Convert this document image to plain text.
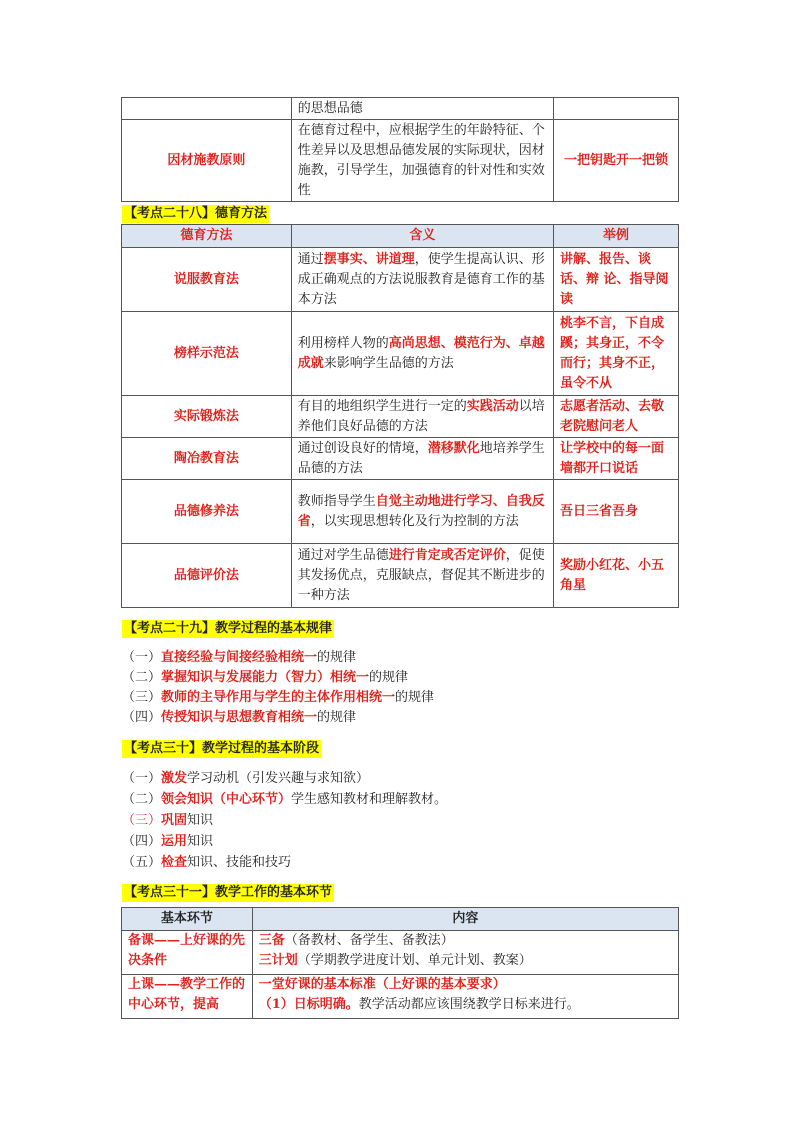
	的思想品德	
因材施教原则	在德育过程中，应根据学生的年龄特征、个性差异以及思想品德发展的实际现状，因材施教，引导学生，加强德育的针对性和实效性	一把钥匙开一把锁
【考点二十八】德育方法
德育方法	含义	举例
说服教育法	通过摆事实、讲道理，使学生提高认识、形成正确观点的方法说服教育是德育工作的基本方法	讲解、报告、谈话、辩 论、指导阅读
榜样示范法	利用榜样人物的高尚思想、模范行为、卓越成就来影响学生品德的方法	桃李不言，下自成蹊；其身正，不令而行；其身不正，虽令不从
实际锻炼法	有目的地组织学生进行一定的实践活动以培养他们良好品德的方法	志愿者活动、去敬老院慰问老人
陶冶教育法	通过创设良好的情境，潜移默化地培养学生品德的方法	让学校中的每一面墙都开口说话
品德修养法	教师指导学生自觉主动地进行学习、自我反省，以实现思想转化及行为控制的方法	吾日三省吾身
品德评价法	通过对学生品德进行肯定或否定评价，促使其发扬优点，克服缺点，督促其不断进步的一种方法	奖励小红花、小五角星
【考点二十九】教学过程的基本规律
（一）直接经验与间接经验相统一的规律
（二）掌握知识与发展能力（智力）相统一的规律
（三）教师的主导作用与学生的主体作用相统一的规律
（四）传授知识与思想教育相统一的规律
【考点三十】教学过程的基本阶段
（一）激发学习动机（引发兴趣与求知欲）
（二）领会知识（中心环节）学生感知教材和理解教材。
（三）巩固知识
（四）运用知识
（五）检查知识、技能和技巧
【考点三十一】教学工作的基本环节
基本环节	内容
备课——上好课的先决条件	三备（备教材、备学生、备教法）
三计划（学期教学进度计划、单元计划、教案）

上课——教学工作的中心环节，提高	一堂好课的基本标准（上好课的基本要求）
（1）日标明确。教学活动都应该围绕教学日标来进行。
